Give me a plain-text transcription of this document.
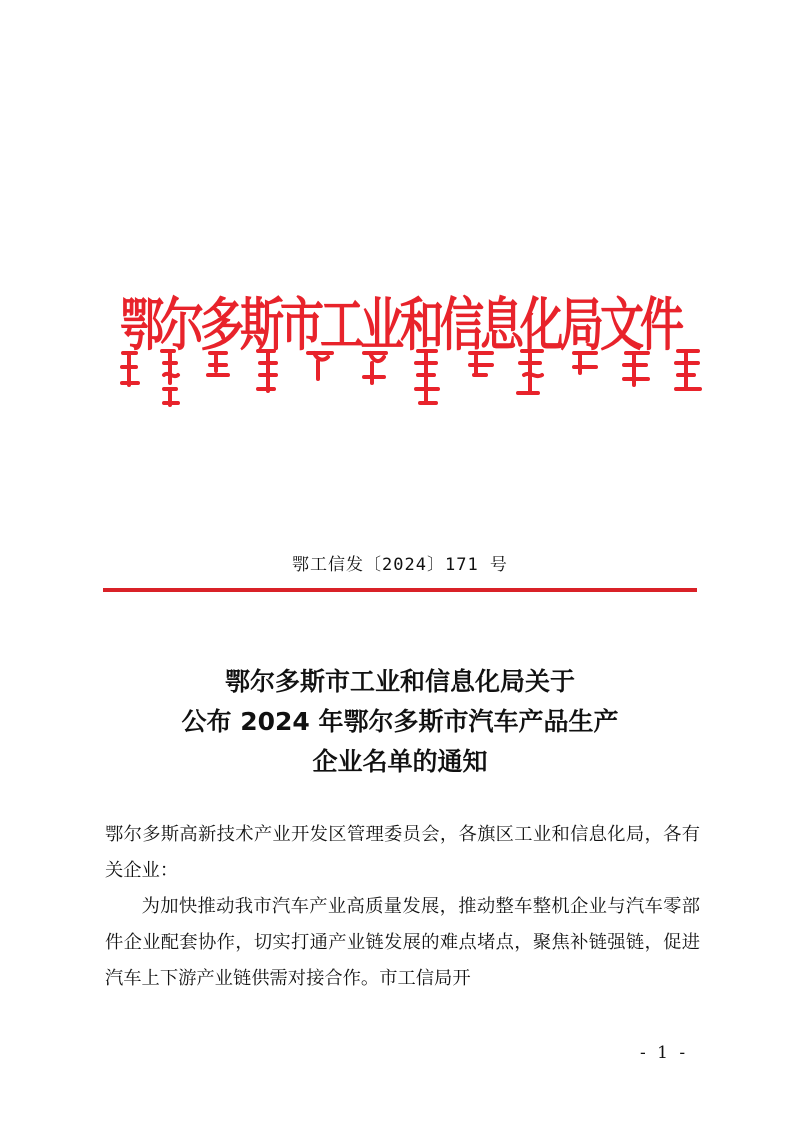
鄂尔多斯市工业和信息化局文件
鄂工信发〔2024〕171 号
鄂尔多斯市工业和信息化局关于
公布 2024 年鄂尔多斯市汽车产品生产
企业名单的通知

鄂尔多斯高新技术产业开发区管理委员会，各旗区工业和信息化局，各有关企业：

为加快推动我市汽车产业高质量发展，推动整车整机企业与汽车零部件企业配套协作，切实打通产业链发展的难点堵点，聚焦补链强链，促进汽车上下游产业链供需对接合作。市工信局开

- 1 -
